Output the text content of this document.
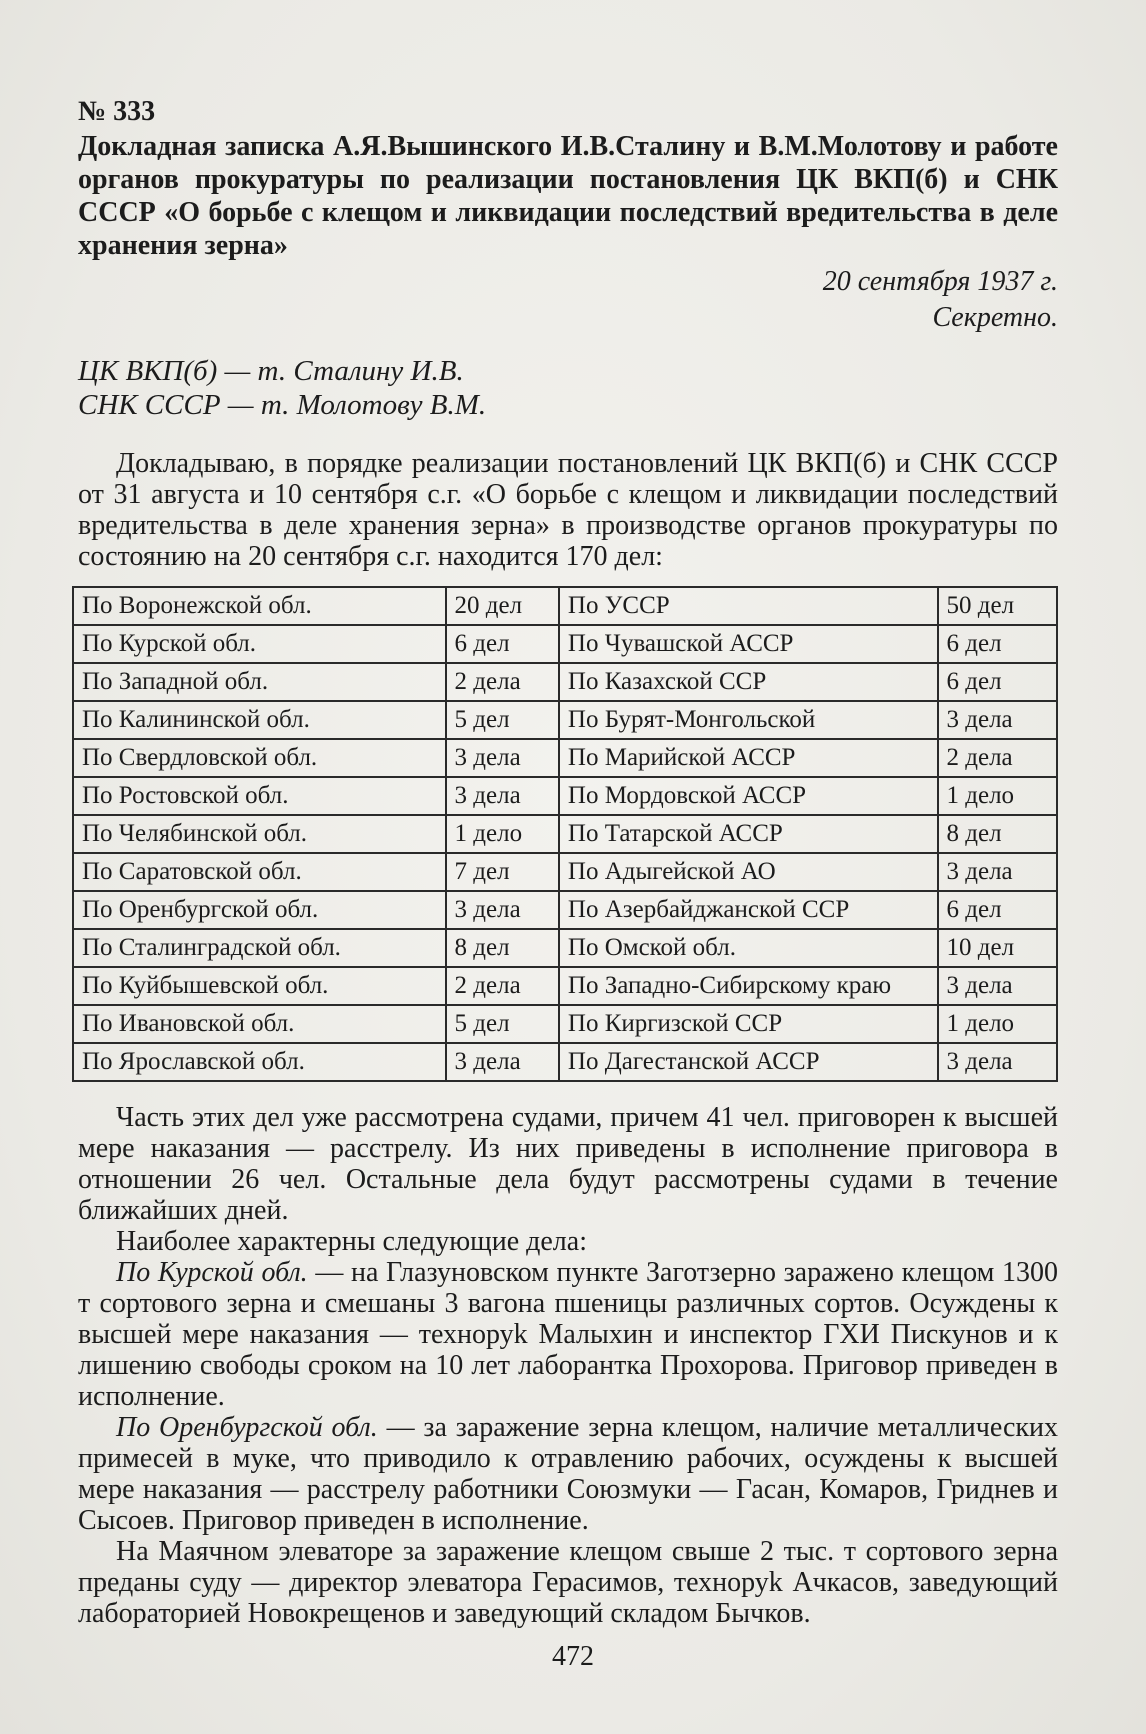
№ 333
Докладная записка А.Я.Вышинского И.В.Сталину и В.М.Молотову и работе органов прокуратуры по реализации постановления ЦК ВКП(б) и СНК СССР «О борьбе с клещом и ликвидации последствий вредительства в деле хранения зерна»
20 сентября 1937 г.
Секретно.
ЦК ВКП(б) — т. Сталину И.В.
СНК СССР — т. Молотову В.М.

Докладываю, в порядке реализации постановлений ЦК ВКП(б) и СНК СССР от 31 августа и 10 сентября с.г. «О борьбе с клещом и ликвидации последствий вредительства в деле хранения зерна» в производстве органов прокуратуры по состоянию на 20 сентября с.г. находится 170 дел:

По Воронежской обл.	20 дел	По УССР	50 дел
По Курской обл.	6 дел	По Чувашской АССР	6 дел
По Западной обл.	2 дела	По Казахской ССР	6 дел
По Калининской обл.	5 дел	По Бурят-Монгольской	3 дела
По Свердловской обл.	3 дела	По Марийской АССР	2 дела
По Ростовской обл.	3 дела	По Мордовской АССР	1 дело
По Челябинской обл.	1 дело	По Татарской АССР	8 дел
По Саратовской обл.	7 дел	По Адыгейской АО	3 дела
По Оренбургской обл.	3 дела	По Азербайджанской ССР	6 дел
По Сталинградской обл.	8 дел	По Омской обл.	10 дел
По Куйбышевской обл.	2 дела	По Западно-Сибирскому краю	3 дела
По Ивановской обл.	5 дел	По Киргизской ССР	1 дело
По Ярославской обл.	3 дела	По Дагестанской АССР	3 дела

Часть этих дел уже рассмотрена судами, причем 41 чел. приговорен к высшей мере наказания — расстрелу. Из них приведены в исполнение приговора в отношении 26 чел. Остальные дела будут рассмотрены судами в течение ближайших дней.

Наиболее характерны следующие дела:

По Курской обл. — на Глазуновском пункте Заготзерно заражено клещом 1300 т сортового зерна и смешаны 3 вагона пшеницы различных сортов. Осуждены к высшей мере наказания — техноруk Малыхин и инспектор ГХИ Пискунов и к лишению свободы сроком на 10 лет лаборантка Прохорова. Приговор приведен в исполнение.

По Оренбургской обл. — за заражение зерна клещом, наличие металлических примесей в муке, что приводило к отравлению рабочих, осуждены к высшей мере наказания — расстрелу работники Союзмуки — Гасан, Комаров, Гриднев и Сысоев. Приговор приведен в исполнение.

На Маячном элеваторе за заражение клещом свыше 2 тыс. т сортового зерна преданы суду — директор элеватора Герасимов, техноруk Ачкасов, заведующий лабораторией Новокрещенов и заведующий складом Бычков.

472
